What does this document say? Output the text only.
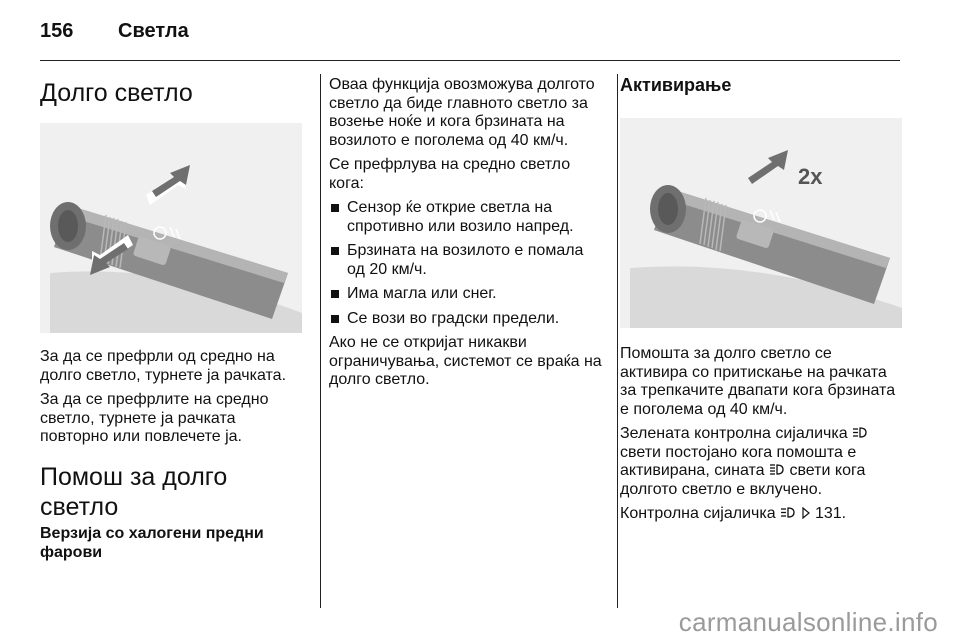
156 Светла
Долго светло

За да се префрли од средно на долго светло, турнете ја рачката.

За да се префрлите на средно светло, турнете ја рачката повторно или повлечете ја.

Помош за долго светло
Верзија со халогени предни фарови

Оваа функција овозможува долгото светло да биде главното светло за возење ноќе и кога брзината на возилото е поголема од 40 км/ч.

Се префрлува на средно светло кога:

Сензор ќе открие светла на спротивно или возило напред.
Брзината на возилото е помала од 20 км/ч.
Има магла или снег.
Се вози во градски предели.

Ако не се откријат никакви ограничувања, системот се враќа на долго светло.

Активирање
2x

Помошта за долго светло се активира со притискање на рачката за трепкачите двапати кога брзината е поголема од 40 км/ч.

Зелената контролна сијаличка  свети постојано кога помошта е активирана, сината свети кога долгото светло е вклучено.

Контролна сијаличка 131.

carmanualsonline.info
